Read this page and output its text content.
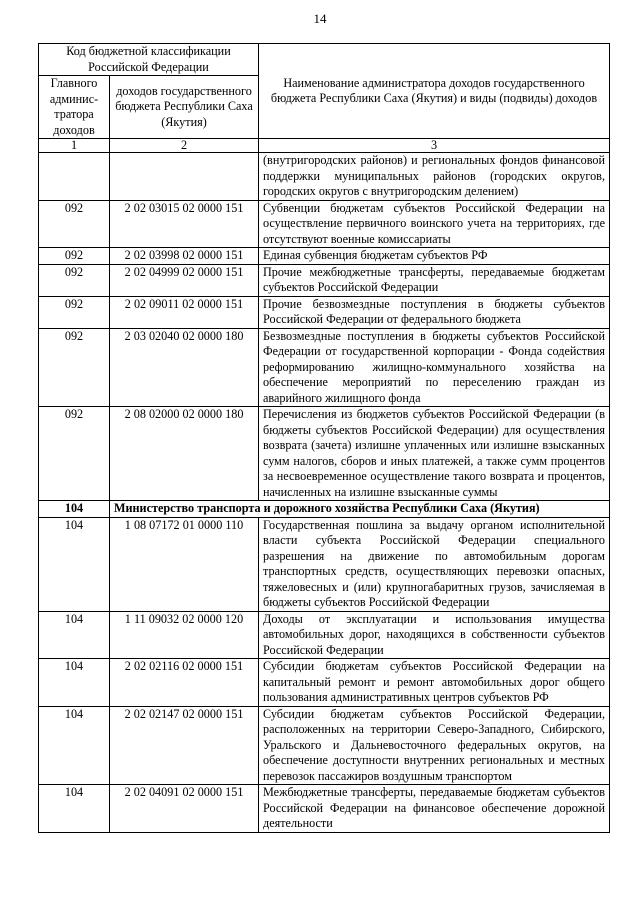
14
Код бюджетной классификации Российской Федерации		Наименование администратора доходов государственного бюджета Республики Саха (Якутия) и виды (подвиды) доходов
Главного админис-тратора доходов	доходов государственного бюджета Республики Саха (Якутия)	
1	2	3
		(внутригородских районов) и региональных фондов финансовой поддержки муниципальных районов (городских округов, городских округов с внутригородским делением)
092	2 02 03015 02 0000 151	Субвенции бюджетам субъектов Российской Федерации на осуществление первичного воинского учета на территориях, где отсутствуют военные комиссариаты
092	2 02 03998 02 0000 151	Единая субвенция бюджетам субъектов РФ
092	2 02 04999 02 0000 151	Прочие межбюджетные трансферты, передаваемые бюджетам субъектов Российской Федерации
092	2 02 09011 02 0000 151	Прочие безвозмездные поступления в бюджеты субъектов Российской Федерации от федерального бюджета
092	2 03 02040 02 0000 180	Безвозмездные поступления в бюджеты субъектов Российской Федерации от государственной корпорации - Фонда содействия реформированию жилищно-коммунального хозяйства на обеспечение мероприятий по переселению граждан из аварийного жилищного фонда
092	2 08 02000 02 0000 180	Перечисления из бюджетов субъектов Российской Федерации (в бюджеты субъектов Российской Федерации) для осуществления возврата (зачета) излишне уплаченных или излишне взысканных сумм налогов, сборов и иных платежей, а также сумм процентов за несвоевременное осуществление такого возврата и процентов, начисленных на излишне взысканные суммы
104	Министерство транспорта и дорожного хозяйства Республики Саха (Якутия)	
104	1 08 07172 01 0000 110	Государственная пошлина за выдачу органом исполнительной власти субъекта Российской Федерации специального разрешения на движение по автомобильным дорогам транспортных средств, осуществляющих перевозки опасных, тяжеловесных и (или) крупногабаритных грузов, зачисляемая в бюджеты субъектов Российской Федерации
104	1 11 09032 02 0000 120	Доходы от эксплуатации и использования имущества автомобильных дорог, находящихся в собственности субъектов Российской Федерации
104	2 02 02116 02 0000 151	Субсидии бюджетам субъектов Российской Федерации на капитальный ремонт и ремонт автомобильных дорог общего пользования административных центров субъектов РФ
104	2 02 02147 02 0000 151	Субсидии бюджетам субъектов Российской Федерации, расположенных на территории Северо-Западного, Сибирского, Уральского и Дальневосточного федеральных округов, на обеспечение доступности внутренних региональных и местных перевозок пассажиров воздушным транспортом
104	2 02 04091 02 0000 151	Межбюджетные трансферты, передаваемые бюджетам субъектов Российской Федерации на финансовое обеспечение дорожной деятельности
